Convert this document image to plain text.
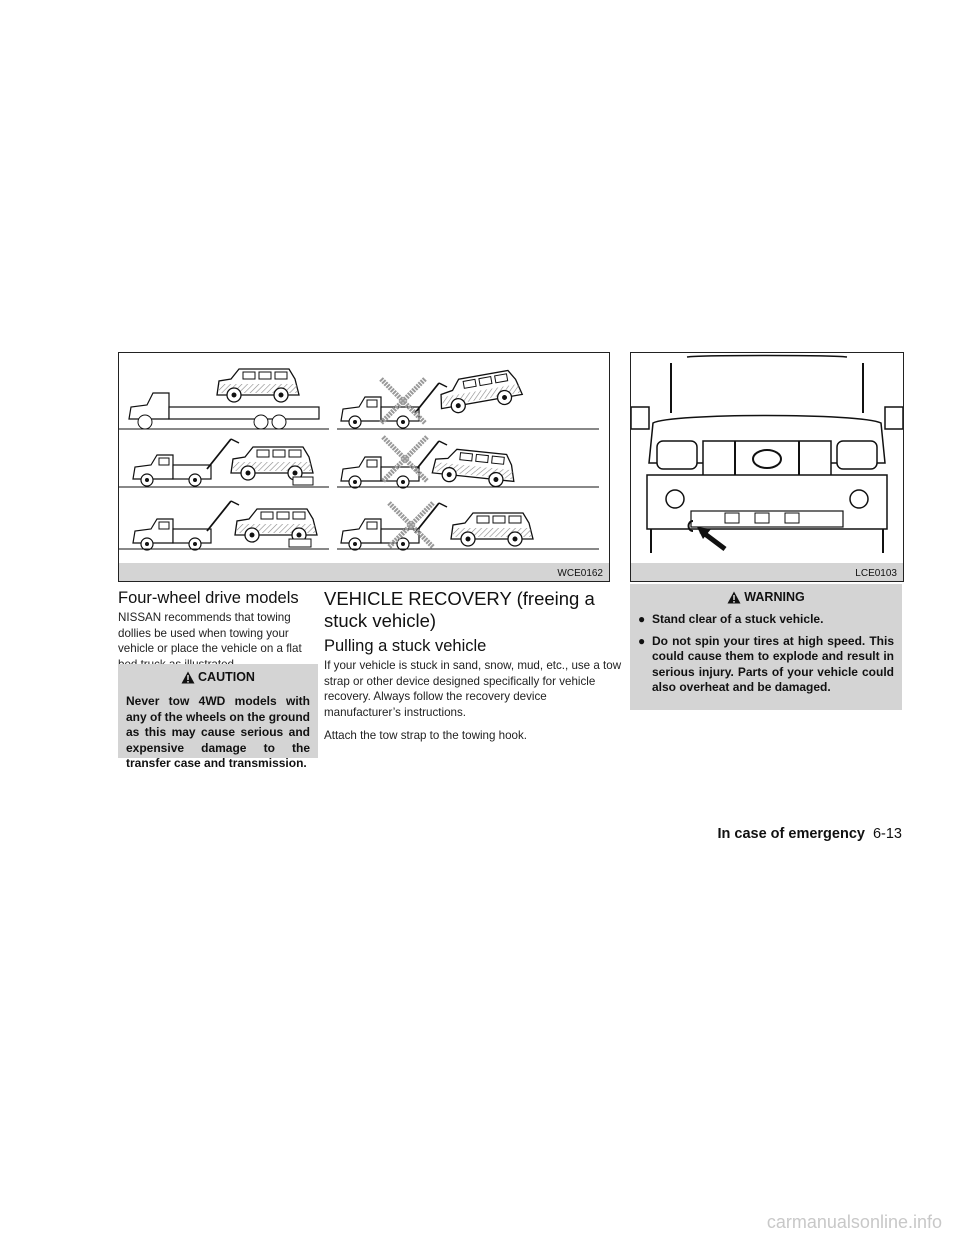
WCE0162	LCE0103
Four-wheel drive models
NISSAN recommends that towing dollies be used when towing your vehicle or place the vehicle on a flat
CAUTION
Never tow 4WD models with any of the wheels on the ground as this may cause serious and expensive damage to the transfer case and transmission.
VEHICLE RECOVERY (freeing a stuck vehicle)
Pulling a stuck vehicle
If your vehicle is stuck in sand, snow, mud, etc., use a tow strap or other device designed specifically for vehicle recovery. Always follow the recovery device manufacturer’s instructions.
Attach the tow strap to the towing hook.
WARNING
● Stand clear of a stuck vehicle.
● Do not spin your tires at high speed. This could cause them to explode and result in serious injury. Parts of your vehicle could also overheat and be damaged.
In case of emergency 6-13
carmanualsonline.info
